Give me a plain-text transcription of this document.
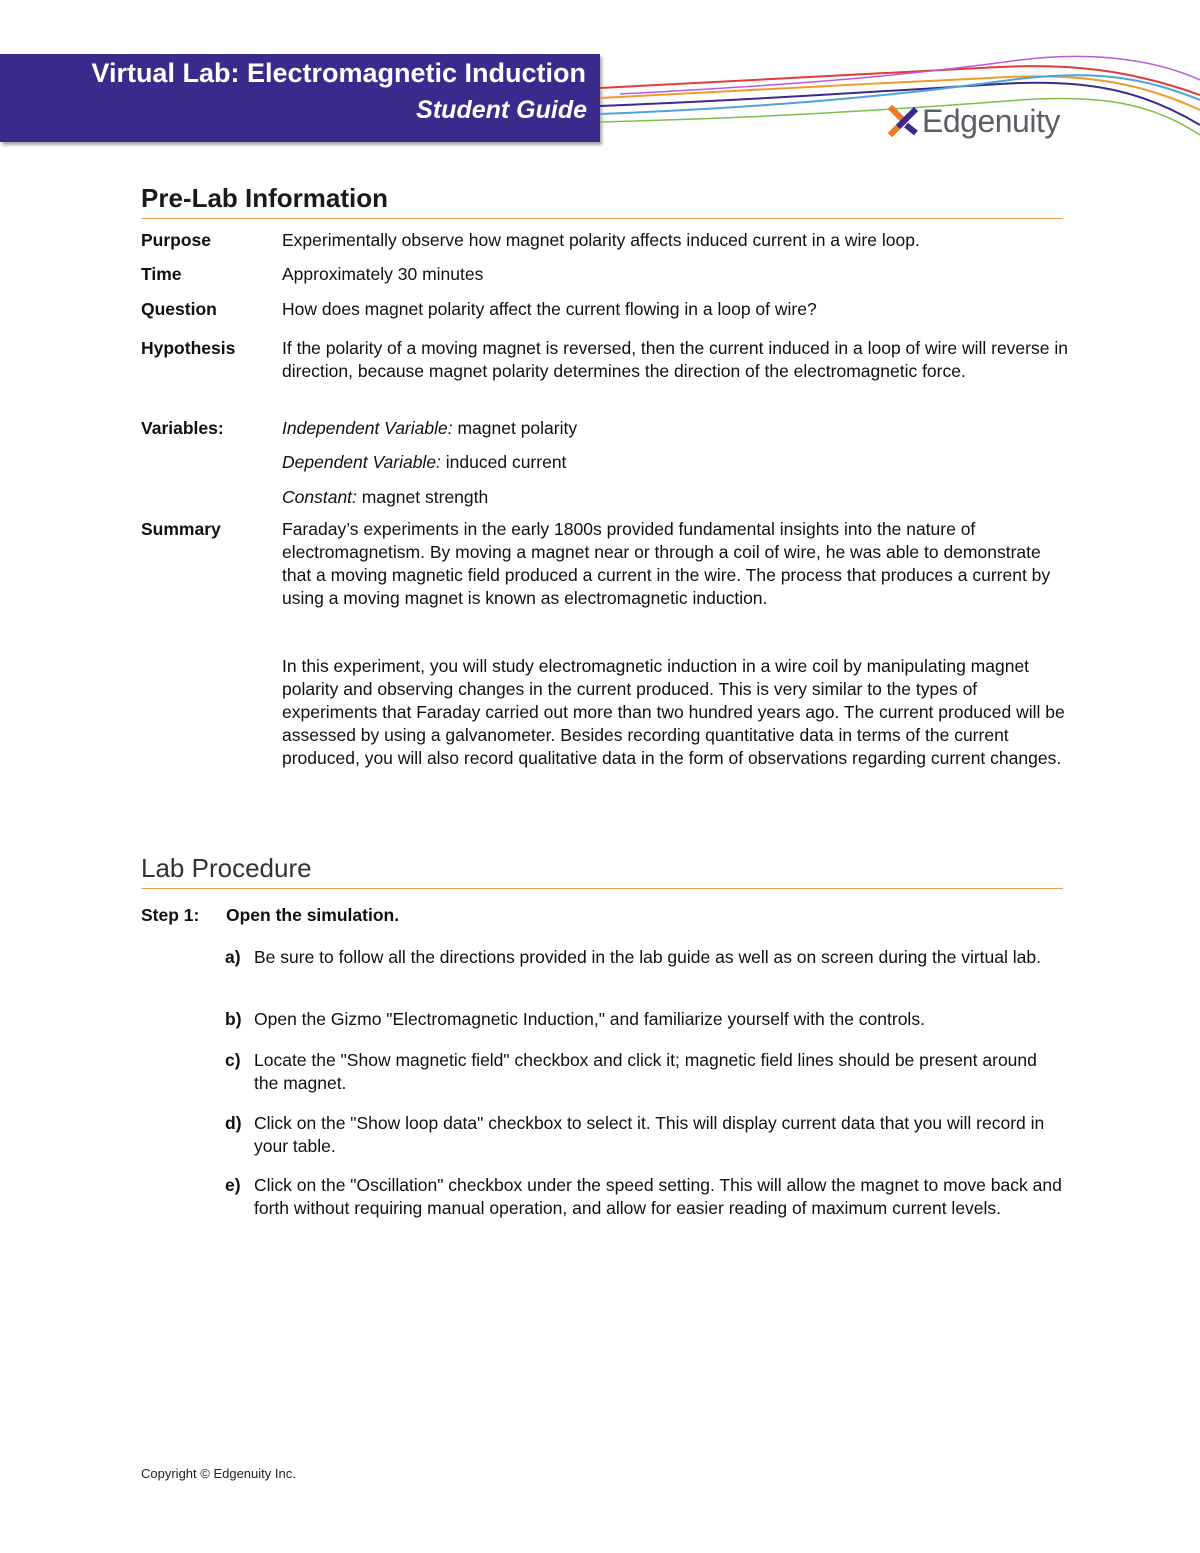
Virtual Lab: Electromagnetic Induction
Student Guide	Edgenuity
Pre-Lab Information
Purpose	Experimentally observe how magnet polarity affects induced current in a wire loop.
Time	Approximately 30 minutes
Question	How does magnet polarity affect the current flowing in a loop of wire?
Hypothesis	If the polarity of a moving magnet is reversed, then the current induced in a loop of wire will reverse in direction, because magnet polarity determines the direction of the electromagnetic force.
Variables:	Independent Variable: magnet polarity
Dependent Variable: induced current
Constant: magnet strength
Summary	Faraday’s experiments in the early 1800s provided fundamental insights into the nature of electromagnetism. By moving a magnet near or through a coil of wire, he was able to demonstrate that a moving magnetic field produced a current in the wire. The process that produces a current by using a moving magnet is known as electromagnetic induction.
In this experiment, you will study electromagnetic induction in a wire coil by manipulating magnet polarity and observing changes in the current produced. This is very similar to the types of experiments that Faraday carried out more than two hundred years ago. The current produced will be assessed by using a galvanometer. Besides recording quantitative data in terms of the current produced, you will also record qualitative data in the form of observations regarding current changes.
Lab Procedure
Step 1: Open the simulation.
a) Be sure to follow all the directions provided in the lab guide as well as on screen during the virtual lab.
b) Open the Gizmo "Electromagnetic Induction," and familiarize yourself with the controls.
c) Locate the "Show magnetic field" checkbox and click it; magnetic field lines should be present around the magnet.
d) Click on the "Show loop data" checkbox to select it. This will display current data that you will record in your table.
e) Click on the "Oscillation" checkbox under the speed setting. This will allow the magnet to move back and forth without requiring manual operation, and allow for easier reading of maximum current levels.
Copyright © Edgenuity Inc.
